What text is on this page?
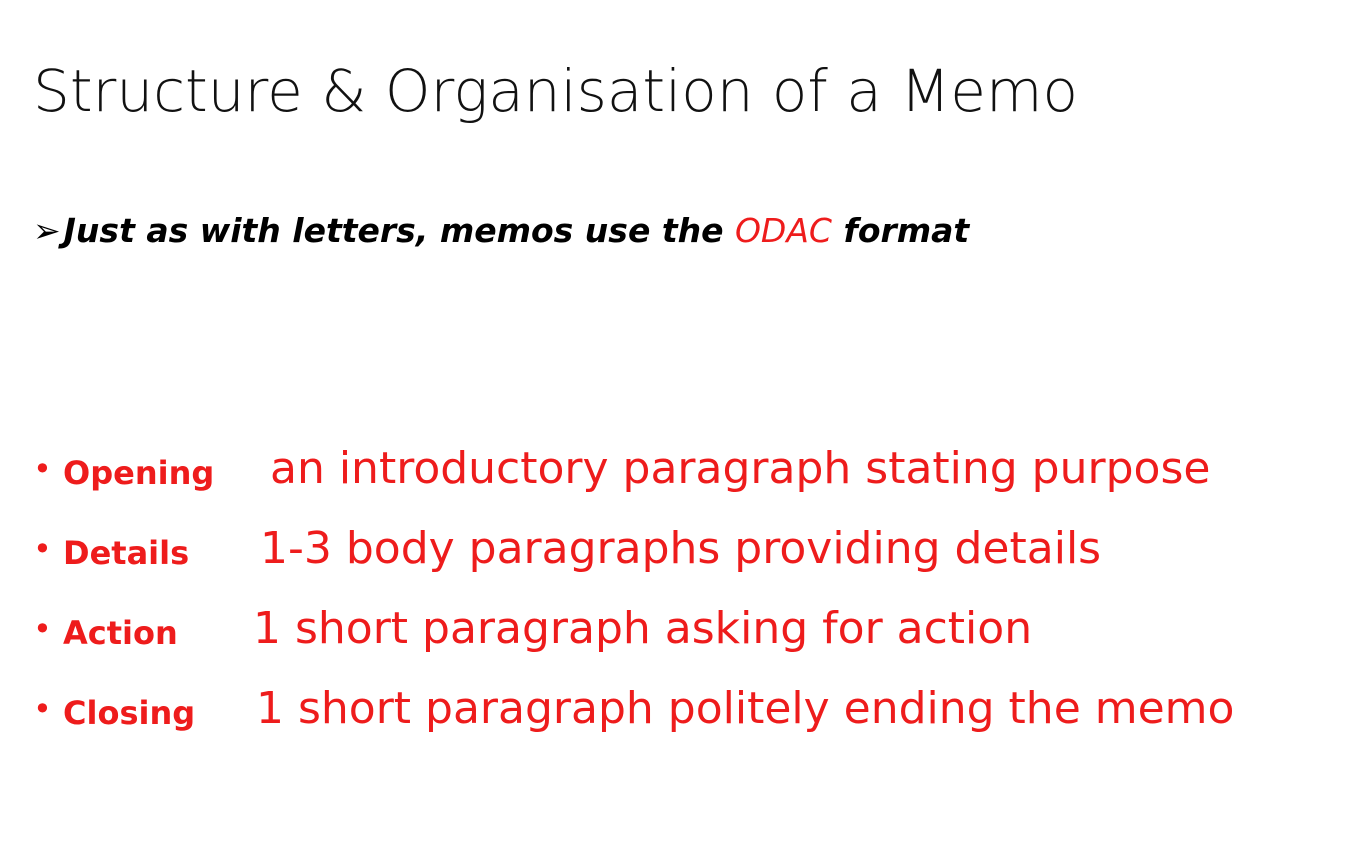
Structure & Organisation of a Memo
➢Just as with letters, memos use the ODAC format
• Opening an introductory paragraph stating purpose
• Details 1-3 body paragraphs providing details
• Action 1 short paragraph asking for action
• Closing 1 short paragraph politely ending the memo
